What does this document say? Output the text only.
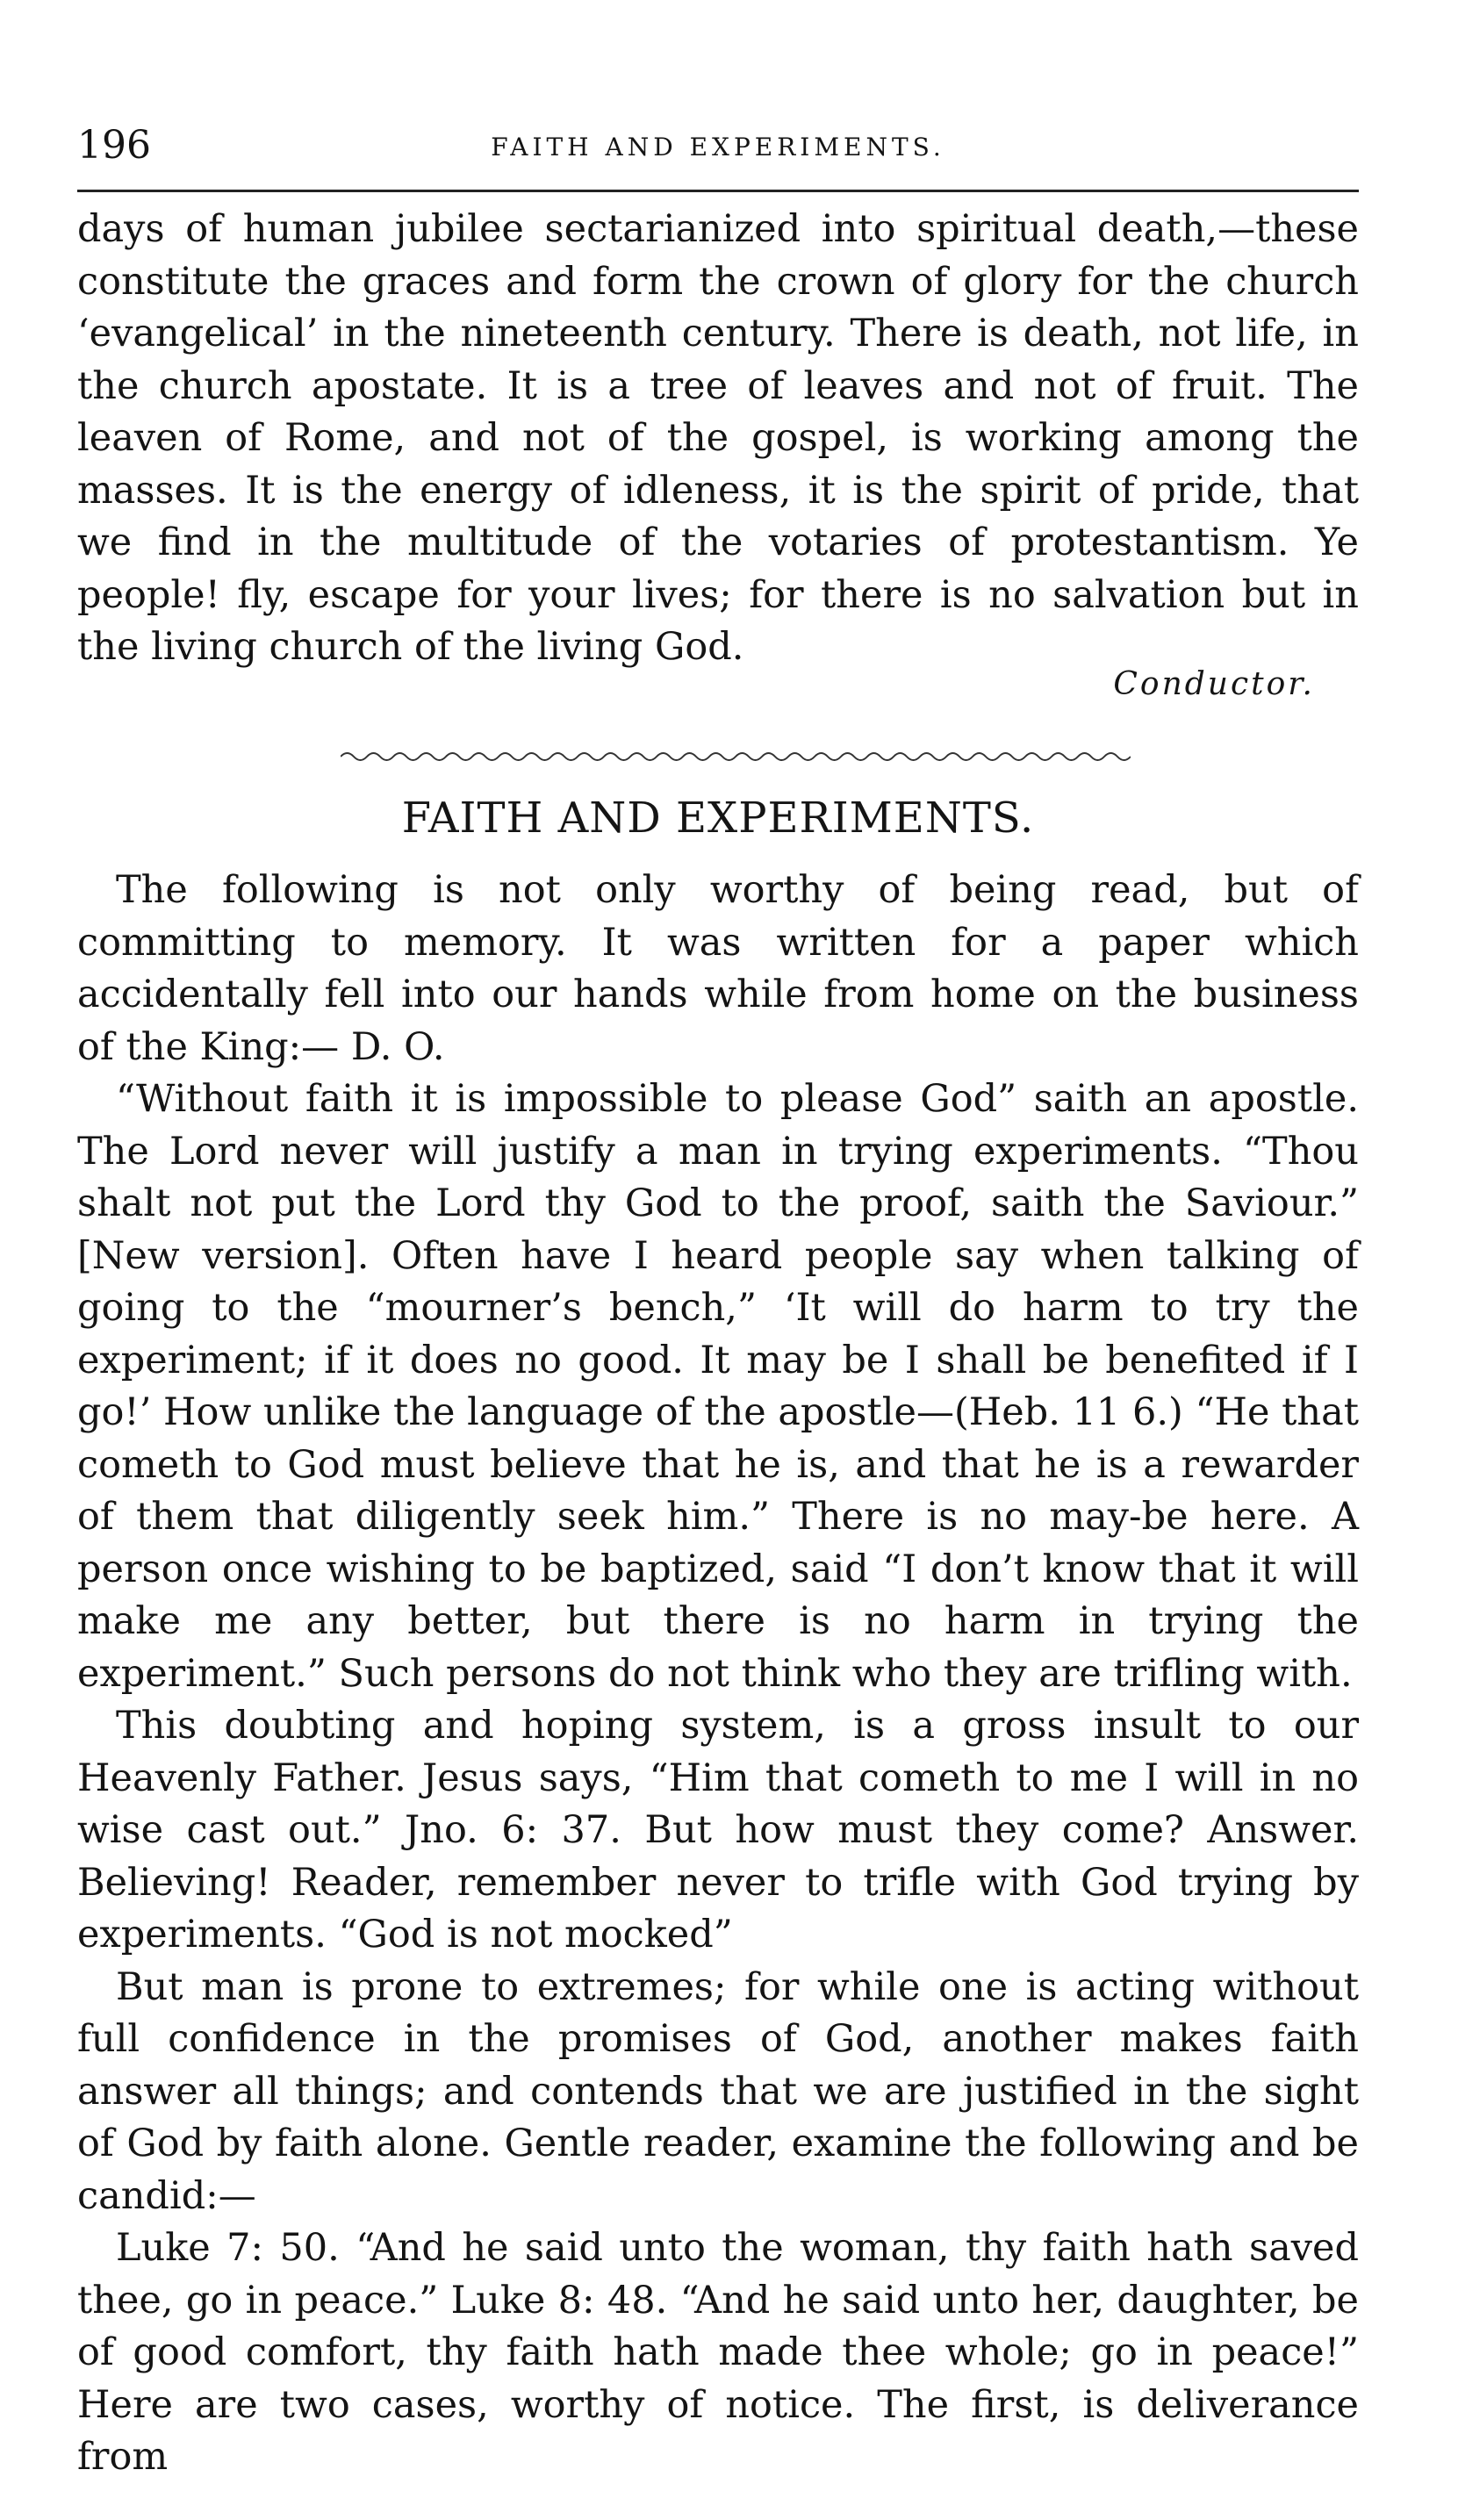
196	FAITH AND EXPERIMENTS.

days of human jubilee sectarianized into spiritual death,—these constitute the graces and form the crown of glory for the church ‘evangelical’ in the nineteenth century. There is death, not life, in the church apostate. It is a tree of leaves and not of fruit. The leaven of Rome, and not of the gospel, is working among the masses. It is the energy of idleness, it is the spirit of pride, that we find in the multitude of the votaries of protestantism. Ye people! fly, escape for your lives; for there is no salvation but in the living church of the living God.

Conductor.
FAITH AND EXPERIMENTS.

The following is not only worthy of being read, but of committing to memory. It was written for a paper which accidentally fell into our hands while from home on the business of the King:— D. O.

“Without faith it is impossible to please God” saith an apostle. The Lord never will justify a man in trying experiments. “Thou shalt not put the Lord thy God to the proof, saith the Saviour.” [New version]. Often have I heard people say when talking of going to the “mourner’s bench,” ‘It will do harm to try the experiment; if it does no good. It may be I shall be benefited if I go!’ How unlike the language of the apostle—(Heb. 11 6.) “He that cometh to God must believe that he is, and that he is a rewarder of them that diligently seek him.” There is no may-be here. A person once wishing to be baptized, said “I don’t know that it will make me any better, but there is no harm in trying the experiment.” Such persons do not think who they are trifling with.

This doubting and hoping system, is a gross insult to our Heavenly Father. Jesus says, “Him that cometh to me I will in no wise cast out.” Jno. 6: 37. But how must they come? Answer. Believing! Reader, remember never to trifle with God trying by experiments. “God is not mocked”

But man is prone to extremes; for while one is acting without full confidence in the promises of God, another makes faith answer all things; and contends that we are justified in the sight of God by faith alone. Gentle reader, examine the following and be candid:—

Luke 7: 50. “And he said unto the woman, thy faith hath saved thee, go in peace.” Luke 8: 48. “And he said unto her, daughter, be of good comfort, thy faith hath made thee whole; go in peace!” Here are two cases, worthy of notice. The first, is deliverance from
